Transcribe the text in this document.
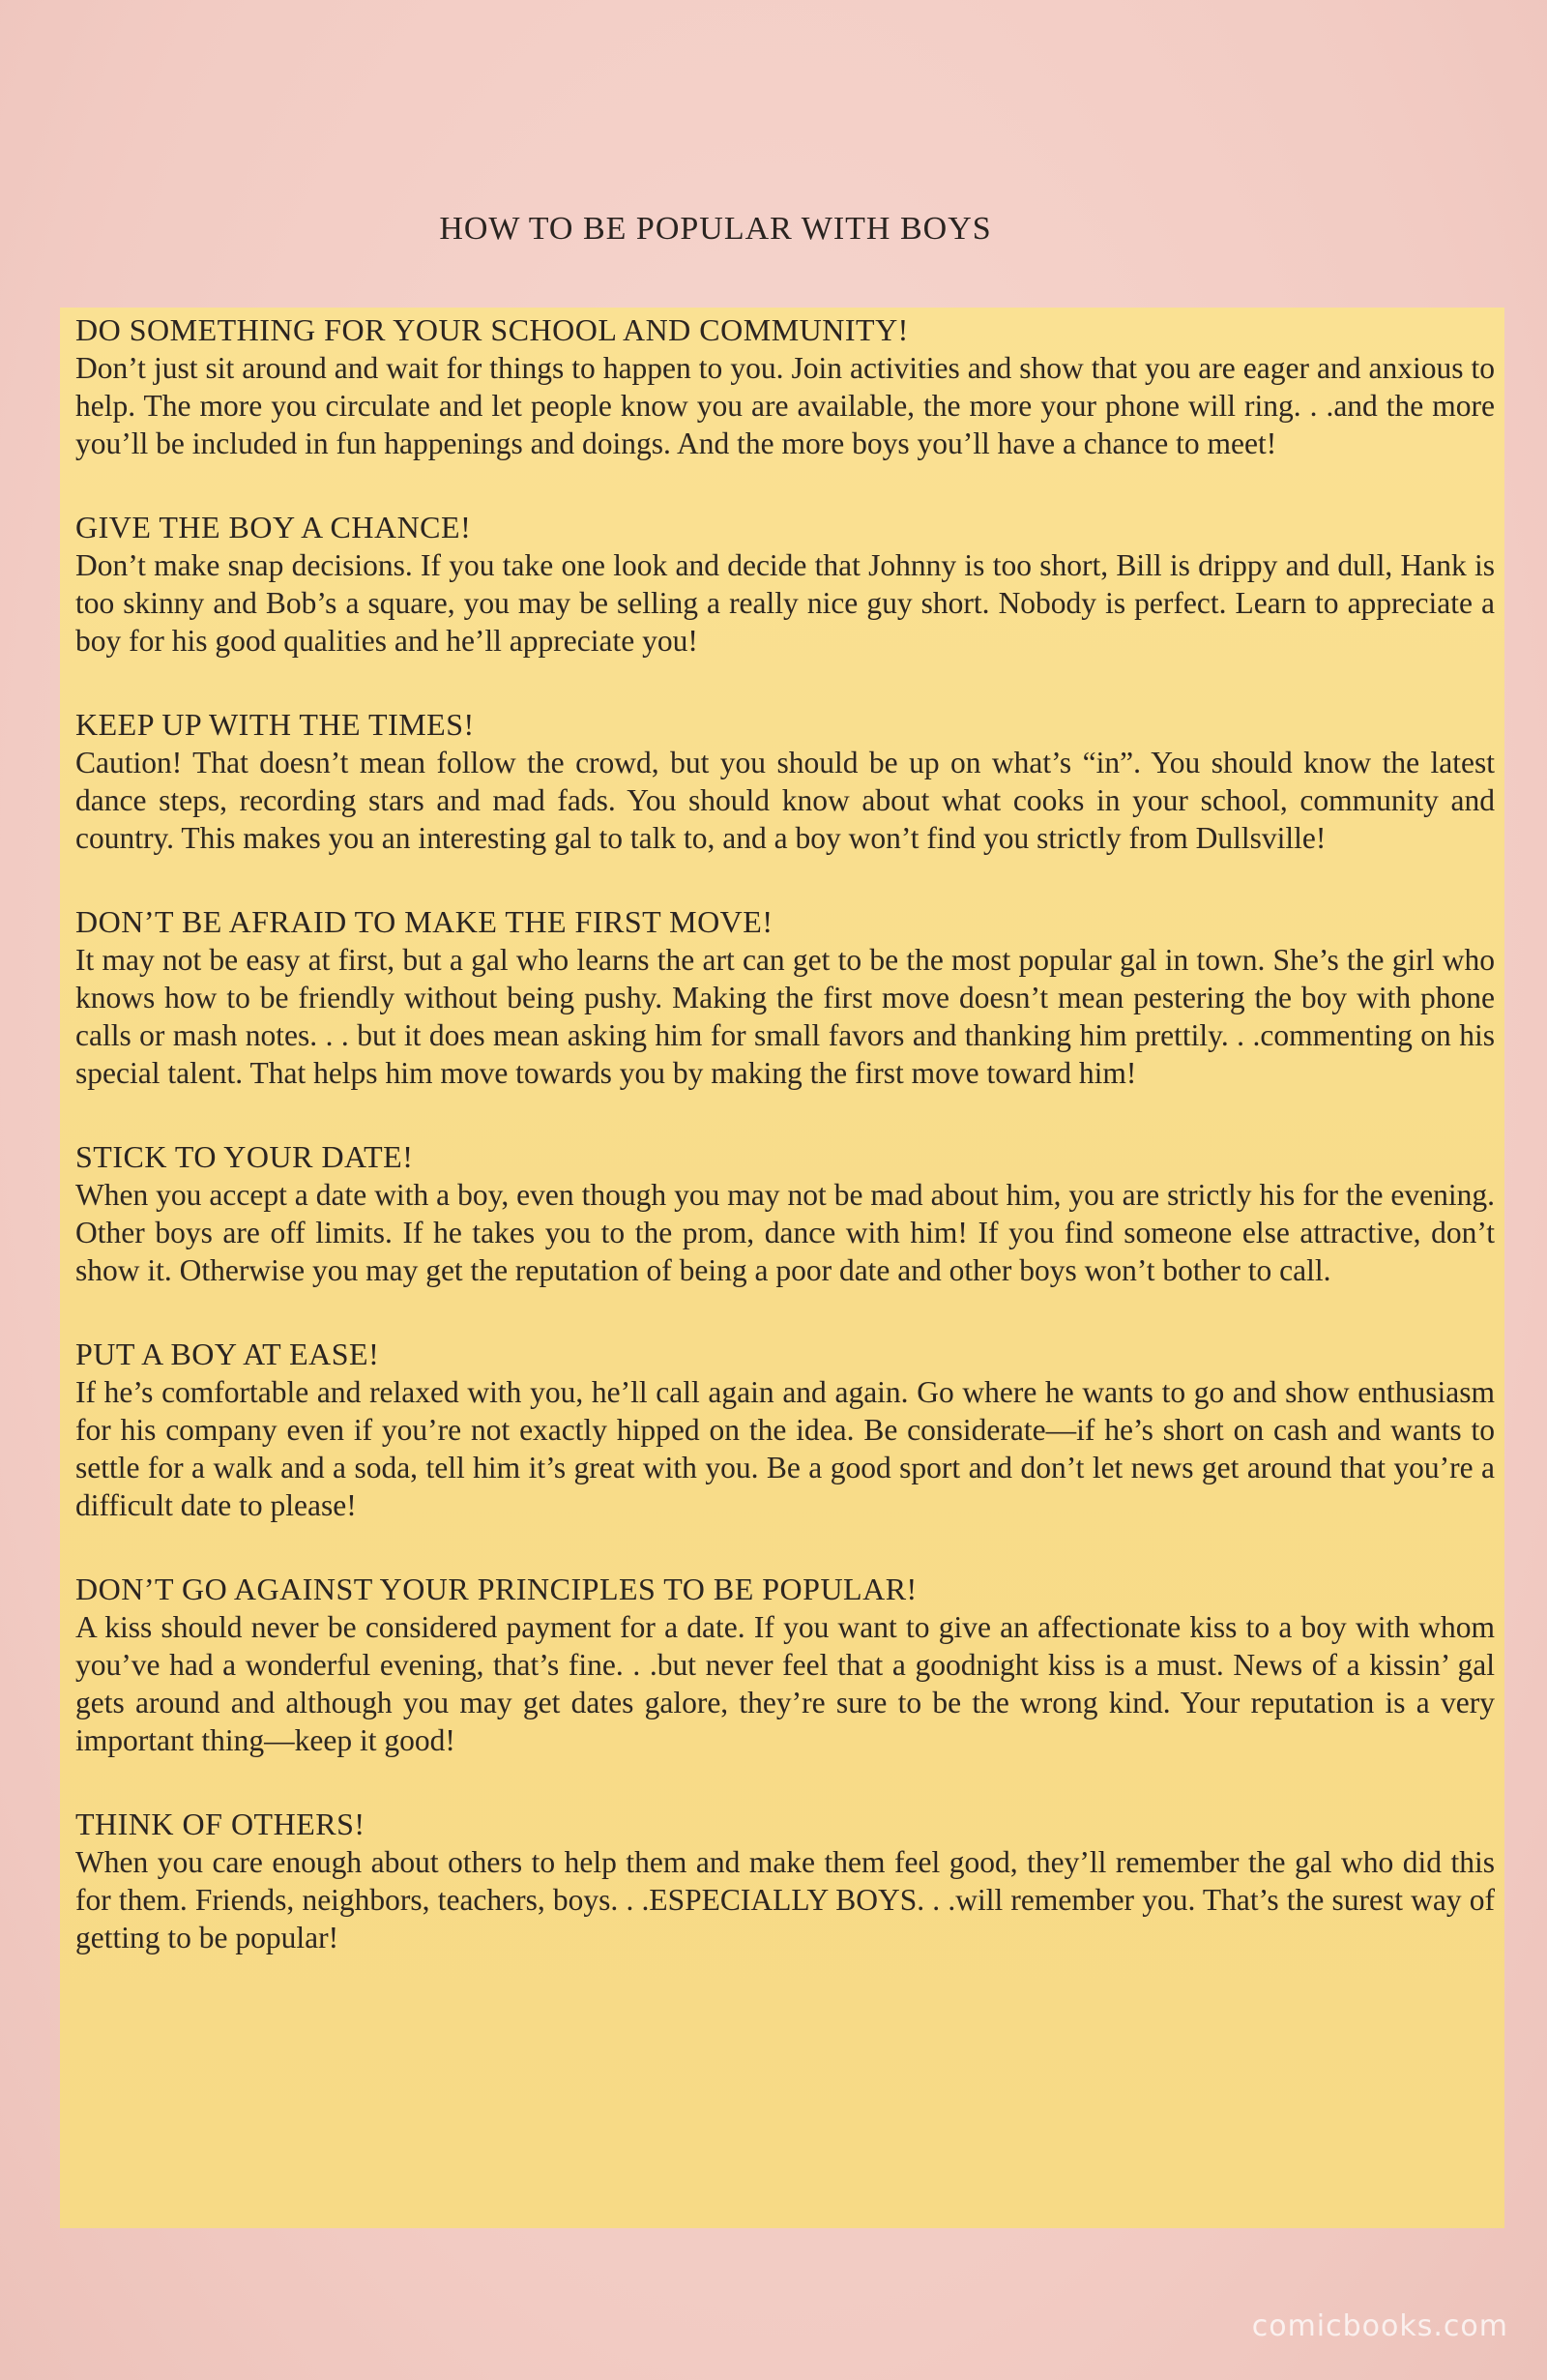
HOW TO BE POPULAR WITH BOYS

DO SOMETHING FOR YOUR SCHOOL AND COMMUNITY!

Don’t just sit around and wait for things to happen to you. Join activities and show that you are eager and anxious to help. The more you circulate and let people know you are available, the more your phone will ring. . .and the more you’ll be included in fun happenings and doings. And the more boys you’ll have a chance to meet!

GIVE THE BOY A CHANCE!

Don’t make snap decisions. If you take one look and decide that Johnny is too short, Bill is drippy and dull, Hank is too skinny and Bob’s a square, you may be selling a really nice guy short. Nobody is perfect. Learn to appreciate a boy for his good qualities and he’ll appreciate you!

KEEP UP WITH THE TIMES!

Caution! That doesn’t mean follow the crowd, but you should be up on what’s “in”. You should know the latest dance steps, recording stars and mad fads. You should know about what cooks in your school, community and country. This makes you an interesting gal to talk to, and a boy won’t find you strictly from Dullsville!

DON’T BE AFRAID TO MAKE THE FIRST MOVE!

It may not be easy at first, but a gal who learns the art can get to be the most popular gal in town. She’s the girl who knows how to be friendly without being pushy. Making the first move doesn’t mean pestering the boy with phone calls or mash notes. . . but it does mean asking him for small favors and thanking him prettily. . .commenting on his special talent. That helps him move towards you by making the first move toward him!

STICK TO YOUR DATE!

When you accept a date with a boy, even though you may not be mad about him, you are strictly his for the evening. Other boys are off limits. If he takes you to the prom, dance with him! If you find someone else attractive, don’t show it. Otherwise you may get the reputation of being a poor date and other boys won’t bother to call.

PUT A BOY AT EASE!

If he’s comfortable and relaxed with you, he’ll call again and again. Go where he wants to go and show enthusiasm for his company even if you’re not exactly hipped on the idea. Be considerate—if he’s short on cash and wants to settle for a walk and a soda, tell him it’s great with you. Be a good sport and don’t let news get around that you’re a difficult date to please!

DON’T GO AGAINST YOUR PRINCIPLES TO BE POPULAR!

A kiss should never be considered payment for a date. If you want to give an affectionate kiss to a boy with whom you’ve had a wonderful evening, that’s fine. . .but never feel that a goodnight kiss is a must. News of a kissin’ gal gets around and although you may get dates galore, they’re sure to be the wrong kind. Your reputation is a very important thing—keep it good!

THINK OF OTHERS!

When you care enough about others to help them and make them feel good, they’ll remember the gal who did this for them. Friends, neighbors, teachers, boys. . .ESPECIALLY BOYS. . .will remember you. That’s the surest way of getting to be popular!

comicbooks.com
